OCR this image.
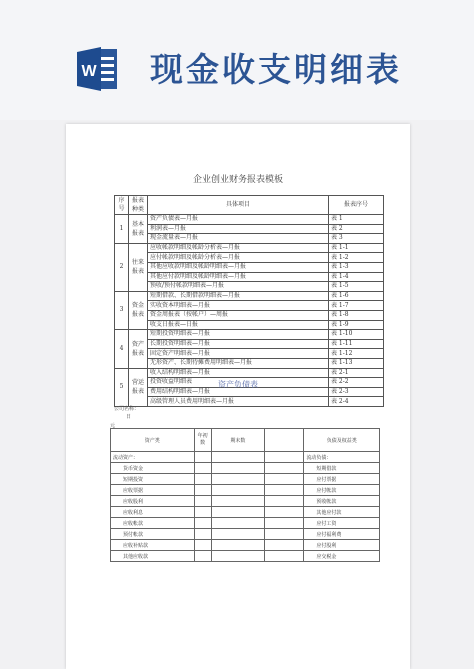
W 现金收支明细表
企业创业财务报表模板
序号	报表种类	具体项目	报表序号
1	基本报表	资产负债表—月报	表 1
		利润表—月报	表 2
		现金流量表—月报	表 3
2	往来报表	应收帐款明细及帐龄分析表—月报	表 1-1
		应付帐款明细及帐龄分析表—月报	表 1-2
		其他应收款明细及帐龄明细表—月报	表 1-3
		其他应付款明细及帐龄明细表—月报	表 1-4
		预收/预付帐款明细表—月报	表 1-5
3	资金报表	短期借款、长期借款明细表—月报	表 1-6
		实收资本明细表—月报	表 1-7
		资金周报表（按帐户）—周报	表 1-8
		收支日报表—日报	表 1-9
4	资产报表	短期投资明细表—月报	表 1-10
		长期投资明细表—月报	表 1-11
		固定资产明细表—月报	表 1-12
		无形资产、长期待摊费用明细表—月报	表 1-13
5	营运报表	收入结构明细表—月报	表 2-1
		投资收益明细表	表 2-2
		费用结构明细表—月报	表 2-3
		高级管理人员费用明细表—月报	表 2-4
资产负债表
公司名称：
日
元
资产类	年初数	期末数		负债及权益类
流动资产：				流动负债：
货币资金				短期借款
短期投资				应付票据
应收票据				应付帐款
应收股利				预收帐款
应收利息				其他应付款
应收帐款				应付工资
预付帐款				应付福利费
应收补贴款				应付股利
其他应收款				应交税金
